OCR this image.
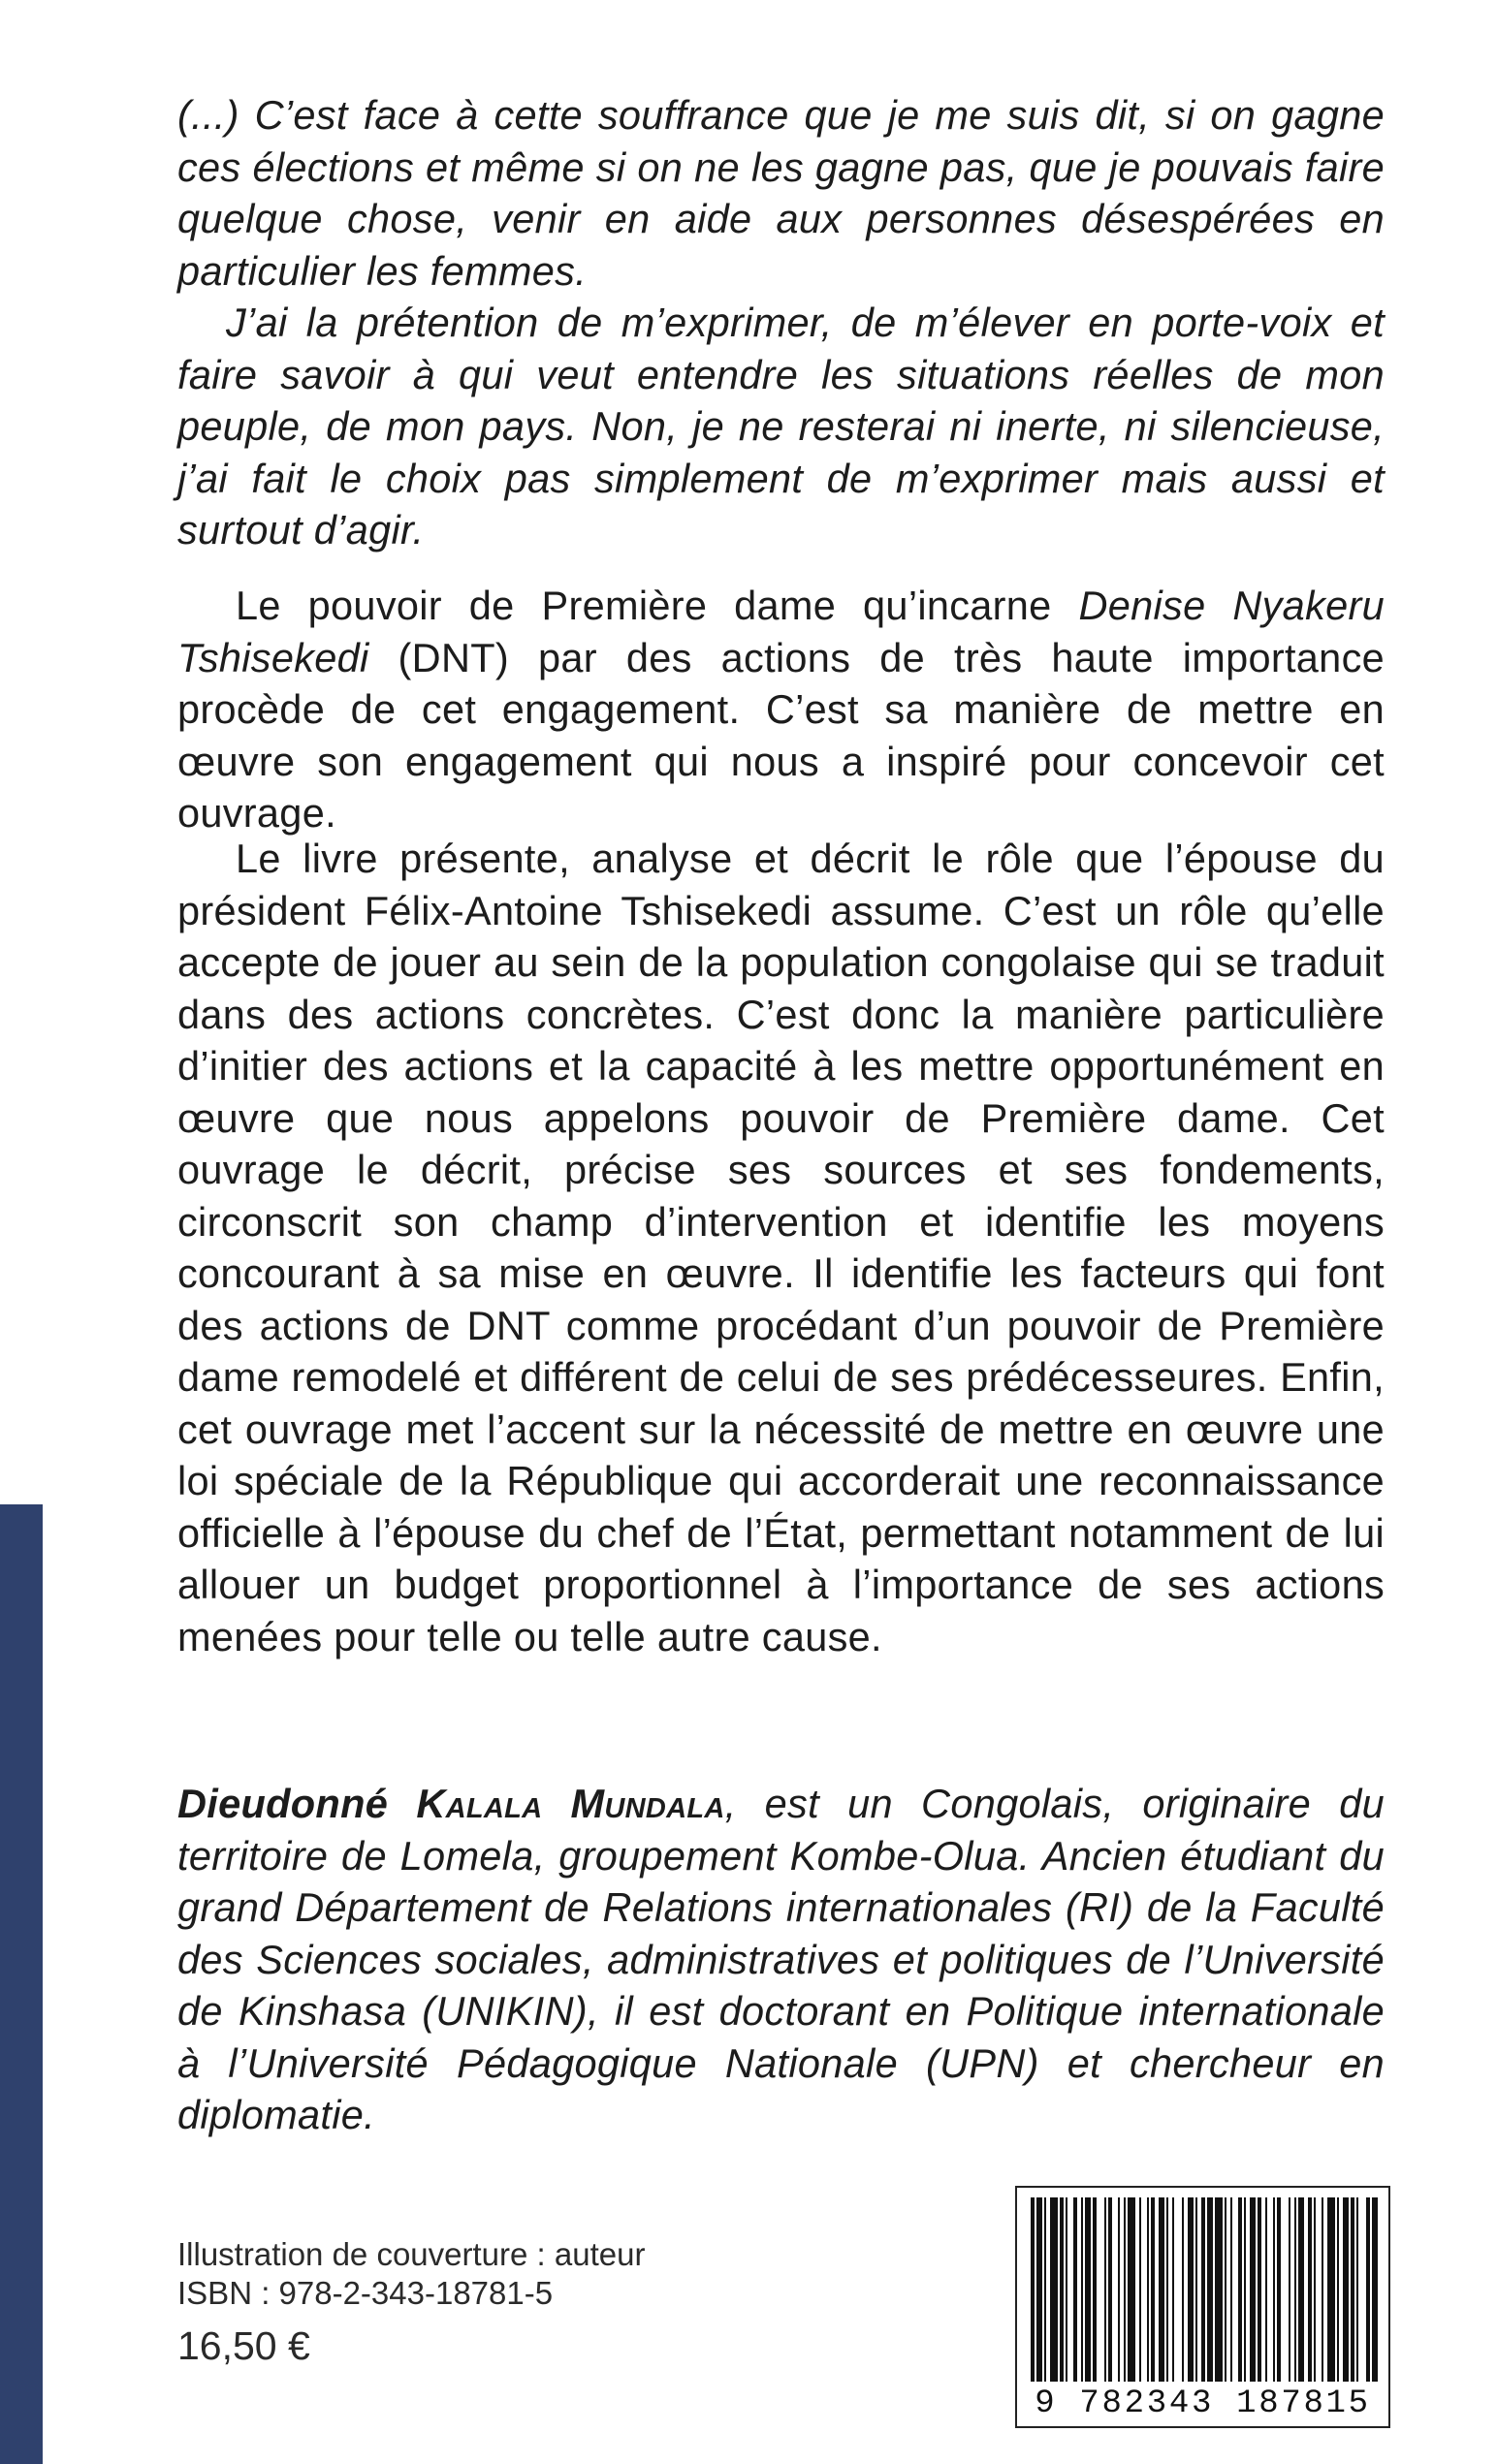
(...) C’est face à cette souffrance que je me suis dit, si on gagne ces élections et même si on ne les gagne pas, que je pouvais faire quelque chose, venir en aide aux personnes désespérées en particulier les femmes.

J’ai la prétention de m’exprimer, de m’élever en porte-voix et faire savoir à qui veut entendre les situations réelles de mon peuple, de mon pays. Non, je ne resterai ni inerte, ni silencieuse, j’ai fait le choix pas simplement de m’exprimer mais aussi et surtout d’agir.

Le pouvoir de Première dame qu’incarne Denise Nyakeru Tshisekedi (DNT) par des actions de très haute importance procède de cet engagement. C’est sa manière de mettre en œuvre son engagement qui nous a inspiré pour concevoir cet ouvrage.

Le livre présente, analyse et décrit le rôle que l’épouse du président Félix-Antoine Tshisekedi assume. C’est un rôle qu’elle accepte de jouer au sein de la population congolaise qui se traduit dans des actions concrètes. C’est donc la manière particulière d’initier des actions et la capacité à les mettre opportunément en œuvre que nous appelons pouvoir de Première dame. Cet ouvrage le décrit, précise ses sources et ses fondements, circonscrit son champ d’intervention et identifie les moyens concourant à sa mise en œuvre. Il identifie les facteurs qui font des actions de DNT comme procédant d’un pouvoir de Première dame remodelé et différent de celui de ses prédécesseures. Enfin, cet ouvrage met l’accent sur la nécessité de mettre en œuvre une loi spéciale de la République qui accorderait une reconnaissance officielle à l’épouse du chef de l’État, permettant notamment de lui allouer un budget proportionnel à l’importance de ses actions menées pour telle ou telle autre cause.

Dieudonné Kalala Mundala, est un Congolais, originaire du territoire de Lomela, groupement Kombe-Olua. Ancien étudiant du grand Département de Relations internationales (RI) de la Faculté des Sciences sociales, administratives et politiques de l’Université de Kinshasa (UNIKIN), il est doctorant en Politique internationale à l’Université Pédagogique Nationale (UPN) et chercheur en diplomatie.

Illustration de couverture : auteur
ISBN : 978-2-343-18781-5
16,50 €
9 782343 187815
